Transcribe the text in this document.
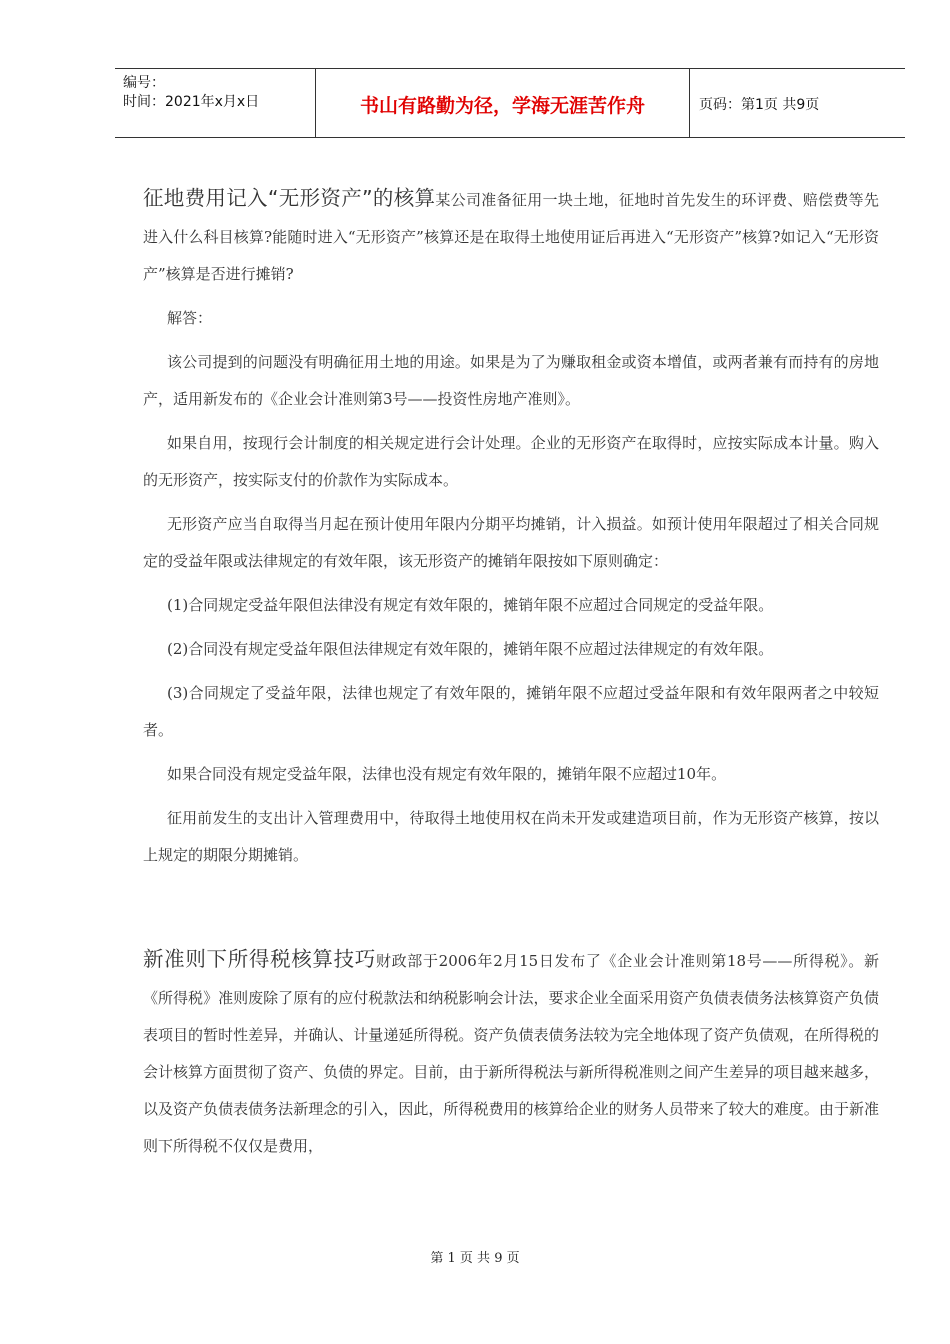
编号：
时间：2021年x月x日	书山有路勤为径，学海无涯苦作舟	页码：第1页 共9页

征地费用记入“无形资产”的核算某公司准备征用一块土地，征地时首先发生的环评费、赔偿费等先进入什么科目核算?能随时进入“无形资产”核算还是在取得土地使用证后再进入“无形资产”核算?如记入“无形资产”核算是否进行摊销?

解答：

该公司提到的问题没有明确征用土地的用途。如果是为了为赚取租金或资本增值，或两者兼有而持有的房地产，适用新发布的《企业会计准则第3号——投资性房地产准则》。

如果自用，按现行会计制度的相关规定进行会计处理。企业的无形资产在取得时，应按实际成本计量。购入的无形资产，按实际支付的价款作为实际成本。

无形资产应当自取得当月起在预计使用年限内分期平均摊销，计入损益。如预计使用年限超过了相关合同规定的受益年限或法律规定的有效年限，该无形资产的摊销年限按如下原则确定：

(1)合同规定受益年限但法律没有规定有效年限的，摊销年限不应超过合同规定的受益年限。

(2)合同没有规定受益年限但法律规定有效年限的，摊销年限不应超过法律规定的有效年限。

(3)合同规定了受益年限，法律也规定了有效年限的，摊销年限不应超过受益年限和有效年限两者之中较短者。

如果合同没有规定受益年限，法律也没有规定有效年限的，摊销年限不应超过10年。

征用前发生的支出计入管理费用中，待取得土地使用权在尚未开发或建造项目前，作为无形资产核算，按以上规定的期限分期摊销。

新准则下所得税核算技巧财政部于2006年2月15日发布了《企业会计准则第18号——所得税》。新《所得税》准则废除了原有的应付税款法和纳税影响会计法，要求企业全面采用资产负债表债务法核算资产负债表项目的暂时性差异，并确认、计量递延所得税。资产负债表债务法较为完全地体现了资产负债观，在所得税的会计核算方面贯彻了资产、负债的界定。目前，由于新所得税法与新所得税准则之间产生差异的项目越来越多，以及资产负债表债务法新理念的引入，因此，所得税费用的核算给企业的财务人员带来了较大的难度。由于新准则下所得税不仅仅是费用，

第 1 页 共 9 页
